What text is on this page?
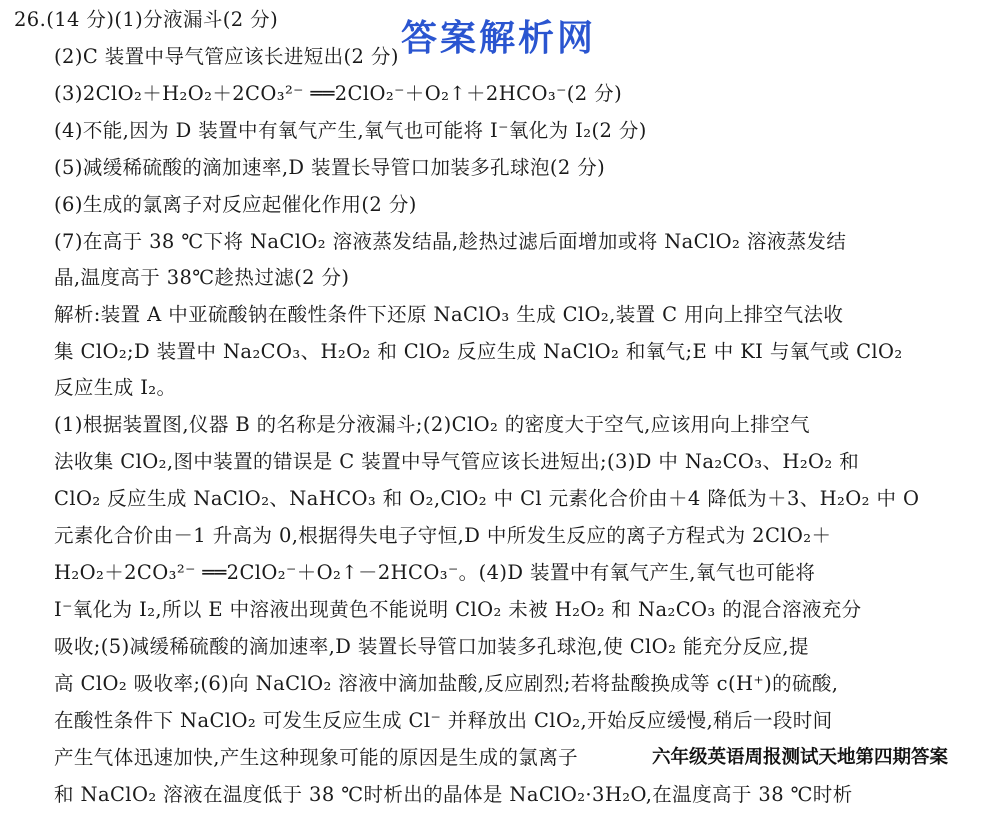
答案解析网
26.(14 分)(1)分液漏斗(2 分)
(2)C 装置中导气管应该长进短出(2 分)
(3)2ClO₂＋H₂O₂＋2CO₃²⁻ ══2ClO₂⁻＋O₂↑＋2HCO₃⁻(2 分)
(4)不能,因为 D 装置中有氧气产生,氧气也可能将 I⁻氧化为 I₂(2 分)
(5)减缓稀硫酸的滴加速率,D 装置长导管口加装多孔球泡(2 分)
(6)生成的氯离子对反应起催化作用(2 分)
(7)在高于 38 ℃下将 NaClO₂ 溶液蒸发结晶,趁热过滤后面增加或将 NaClO₂ 溶液蒸发结
晶,温度高于 38℃趁热过滤(2 分)
解析:装置 A 中亚硫酸钠在酸性条件下还原 NaClO₃ 生成 ClO₂,装置 C 用向上排空气法收
集 ClO₂;D 装置中 Na₂CO₃、H₂O₂ 和 ClO₂ 反应生成 NaClO₂ 和氧气;E 中 KI 与氧气或 ClO₂
反应生成 I₂。
(1)根据装置图,仪器 B 的名称是分液漏斗;(2)ClO₂ 的密度大于空气,应该用向上排空气
法收集 ClO₂,图中装置的错误是 C 装置中导气管应该长进短出;(3)D 中 Na₂CO₃、H₂O₂ 和
ClO₂ 反应生成 NaClO₂、NaHCO₃ 和 O₂,ClO₂ 中 Cl 元素化合价由＋4 降低为＋3、H₂O₂ 中 O
元素化合价由－1 升高为 0,根据得失电子守恒,D 中所发生反应的离子方程式为 2ClO₂＋
H₂O₂＋2CO₃²⁻ ══2ClO₂⁻＋O₂↑－2HCO₃⁻。(4)D 装置中有氧气产生,氧气也可能将
I⁻氧化为 I₂,所以 E 中溶液出现黄色不能说明 ClO₂ 未被 H₂O₂ 和 Na₂CO₃ 的混合溶液充分
吸收;(5)减缓稀硫酸的滴加速率,D 装置长导管口加装多孔球泡,使 ClO₂ 能充分反应,提
高 ClO₂ 吸收率;(6)向 NaClO₂ 溶液中滴加盐酸,反应剧烈;若将盐酸换成等 c(H⁺)的硫酸,
在酸性条件下 NaClO₂ 可发生反应生成 Cl⁻ 并释放出 ClO₂,开始反应缓慢,稍后一段时间
产生气体迅速加快,产生这种现象可能的原因是生成的氯离子
和 NaClO₂ 溶液在温度低于 38 ℃时析出的晶体是 NaClO₂·3H₂O,在温度高于 38 ℃时析
六年级英语周报测试天地第四期答案
